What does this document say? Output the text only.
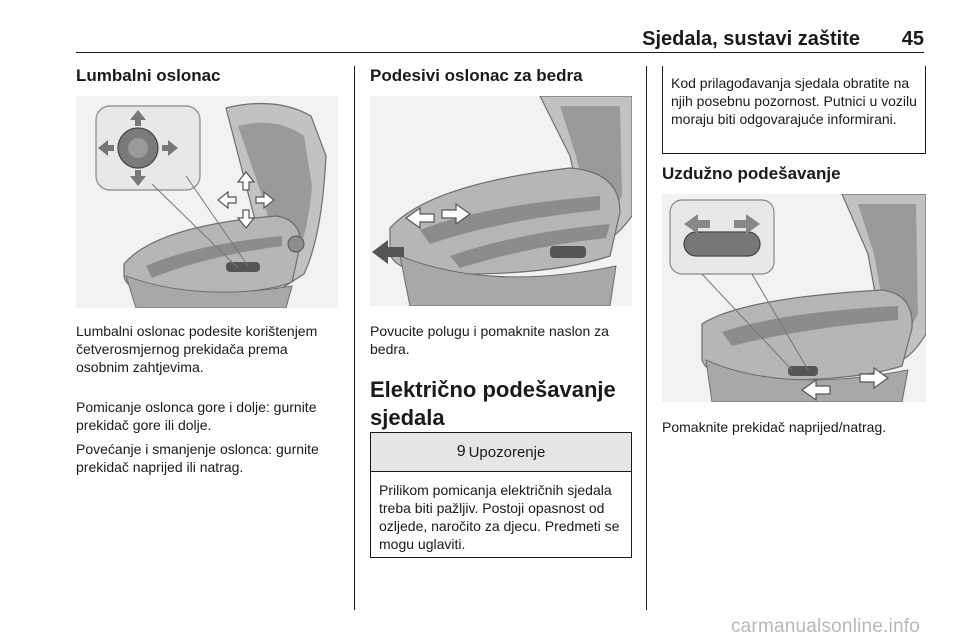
Sjedala, sustavi zaštite 45
Lumbalni oslonac

Lumbalni oslonac podesite korištenjem četverosmjernog prekidača prema osobnim zahtjevima.

Pomicanje oslonca gore i dolje: gurnite prekidač gore ili dolje.

Povećanje i smanjenje oslonca: gurnite prekidač naprijed ili natrag.

Podesivi oslonac za bedra

Povucite polugu i pomaknite naslon za bedra.

Električno podešavanje sjedala
9 Upozorenje

Prilikom pomicanja električnih sjedala treba biti pažljiv. Postoji opasnost od ozljede, naročito za djecu. Predmeti se mogu uglaviti.

Kod prilagođavanja sjedala obratite na njih posebnu pozornost. Putnici u vozilu moraju biti odgovarajuće informirani.

Uzdužno podešavanje

Pomaknite prekidač naprijed/natrag.

carmanualsonline.info
